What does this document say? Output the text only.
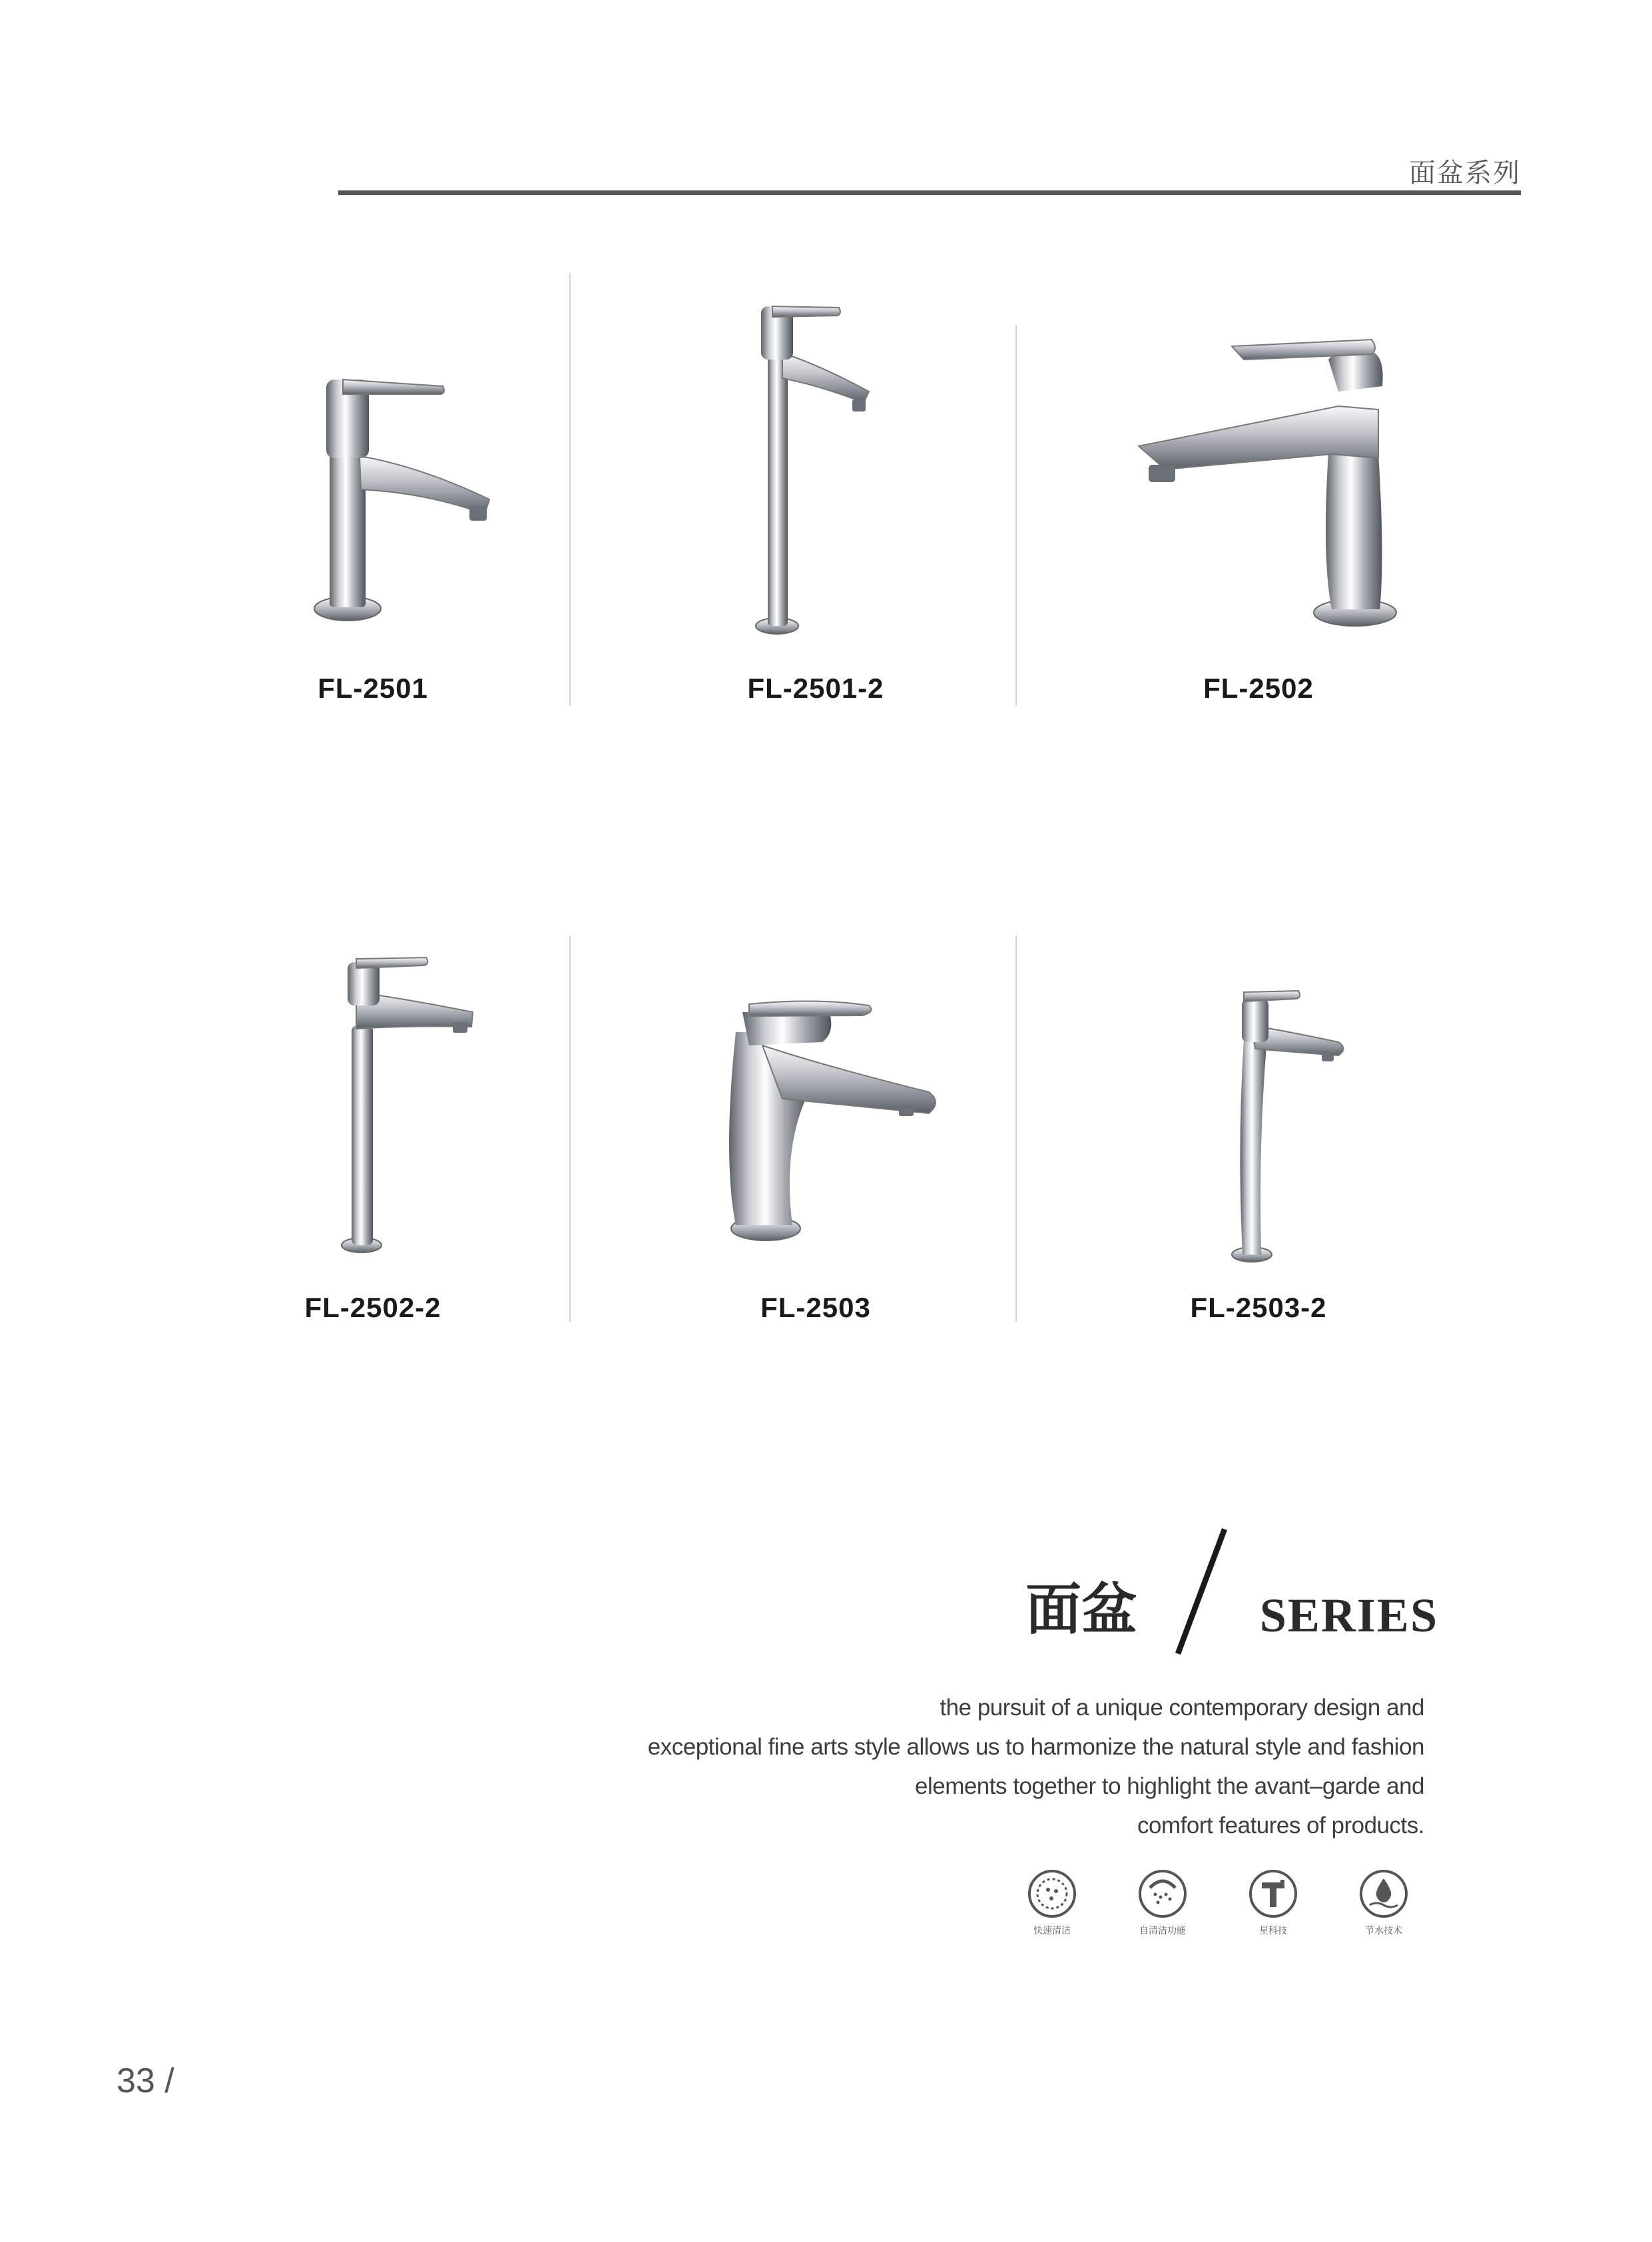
面盆系列
FL-2501	FL-2501-2	FL-2502
FL-2502-2	FL-2503	FL-2503-2
面盆	SERIES

the pursuit of a unique contemporary design and

exceptional fine arts style allows us to harmonize the natural style and fashion

elements together to highlight the avant–garde and

comfort features of products.

快速清洁	自清洁功能	星科技	节水技术
33 /
